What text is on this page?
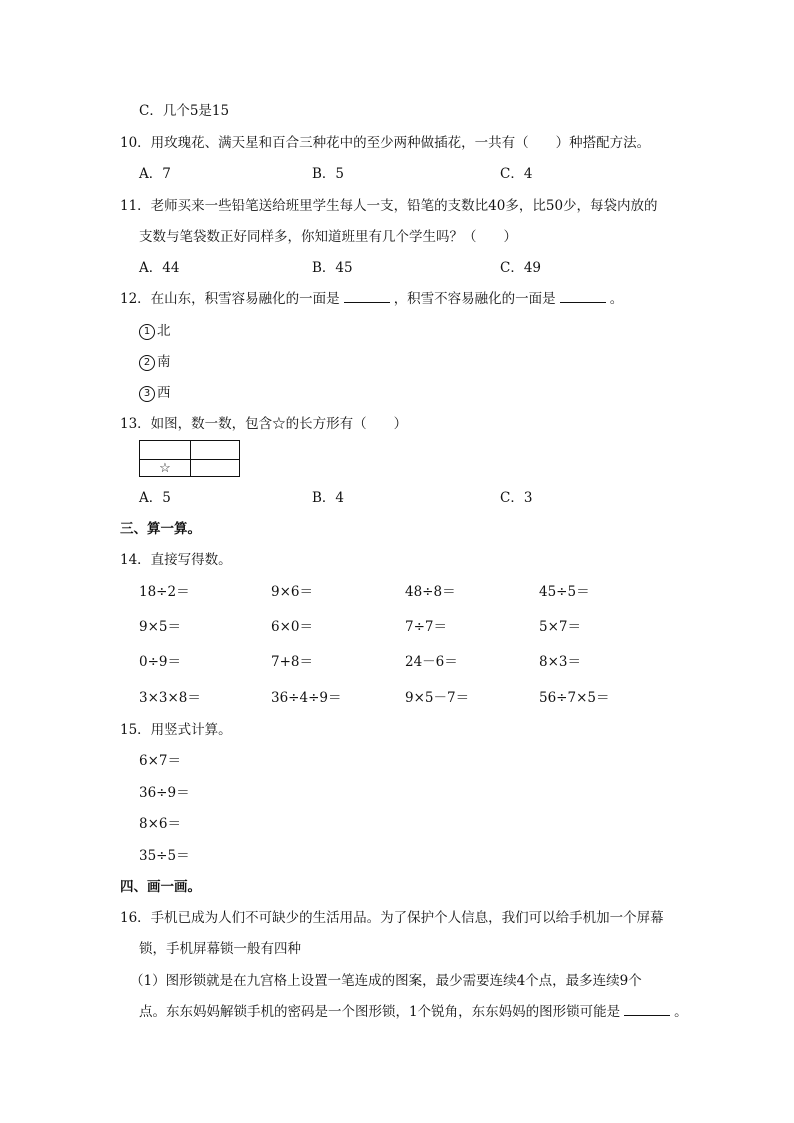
C．几个5是15
10．用玫瑰花、满天星和百合三种花中的至少两种做插花，一共有（　　）种搭配方法。
A．7	B．5	C．4
11．老师买来一些铅笔送给班里学生每人一支，铅笔的支数比40多，比50少，每袋内放的
支数与笔袋数正好同样多，你知道班里有几个学生吗？（　　）
A．44	B．45	C．49
12．在山东，积雪容易融化的一面是	，积雪不容易融化的一面是	。
1 北
2 南
3 西
13．如图，数一数，包含☆的长方形有（　　）
☆
A．5	B．4	C．3
三、算一算。
14．直接写得数。
18÷2＝	9×6＝	48÷8＝	45÷5＝
9×5＝	6×0＝	7÷7＝	5×7＝
0÷9＝	7+8＝	24－6＝	8×3＝
3×3×8＝	36÷4÷9＝	9×5－7＝	56÷7×5＝
15．用竖式计算。
6×7＝
36÷9＝
8×6＝
35÷5＝
四、画一画。
16．手机已成为人们不可缺少的生活用品。为了保护个人信息，我们可以给手机加一个屏幕
锁，手机屏幕锁一般有四种
（1）图形锁就是在九宫格上设置一笔连成的图案，最少需要连续4个点，最多连续9个
点。东东妈妈解锁手机的密码是一个图形锁，1个锐角，东东妈妈的图形锁可能是	。
